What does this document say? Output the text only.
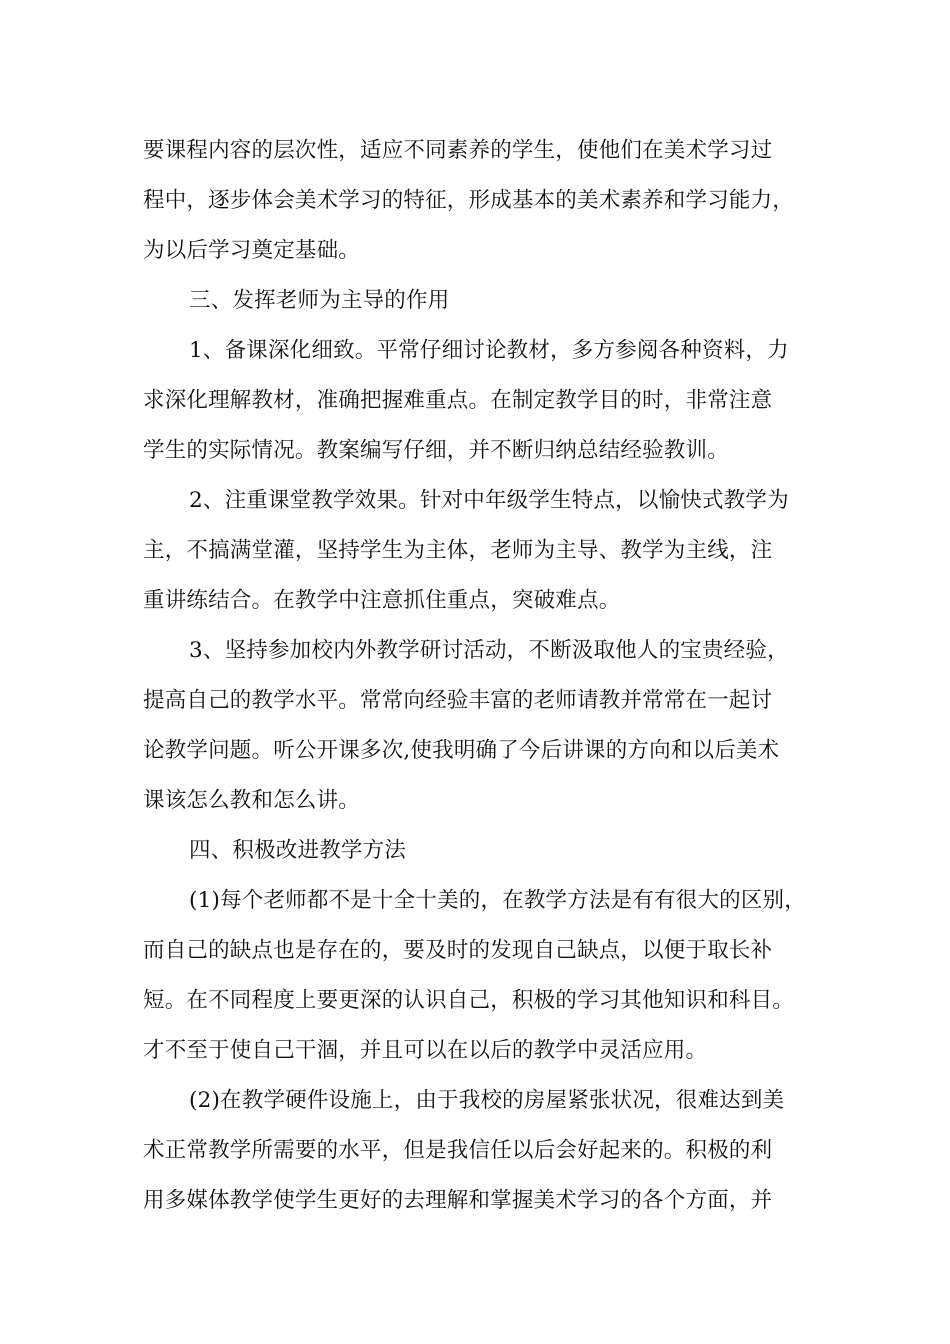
要课程内容的层次性，适应不同素养的学生，使他们在美术学习过
程中，逐步体会美术学习的特征，形成基本的美术素养和学习能力，
为以后学习奠定基础。
三、发挥老师为主导的作用
1、备课深化细致。平常仔细讨论教材，多方参阅各种资料，力
求深化理解教材，准确把握难重点。在制定教学目的时，非常注意
学生的实际情况。教案编写仔细，并不断归纳总结经验教训。
2、注重课堂教学效果。针对中年级学生特点，以愉快式教学为
主，不搞满堂灌，坚持学生为主体，老师为主导、教学为主线，注
重讲练结合。在教学中注意抓住重点，突破难点。
3、坚持参加校内外教学研讨活动，不断汲取他人的宝贵经验，
提高自己的教学水平。常常向经验丰富的老师请教并常常在一起讨
论教学问题。听公开课多次,使我明确了今后讲课的方向和以后美术
课该怎么教和怎么讲。
四、积极改进教学方法
(1)每个老师都不是十全十美的，在教学方法是有有很大的区别，
而自己的缺点也是存在的，要及时的发现自己缺点，以便于取长补
短。在不同程度上要更深的认识自己，积极的学习其他知识和科目。
才不至于使自己干涸，并且可以在以后的教学中灵活应用。
(2)在教学硬件设施上，由于我校的房屋紧张状况，很难达到美
术正常教学所需要的水平，但是我信任以后会好起来的。积极的利
用多媒体教学使学生更好的去理解和掌握美术学习的各个方面，并
